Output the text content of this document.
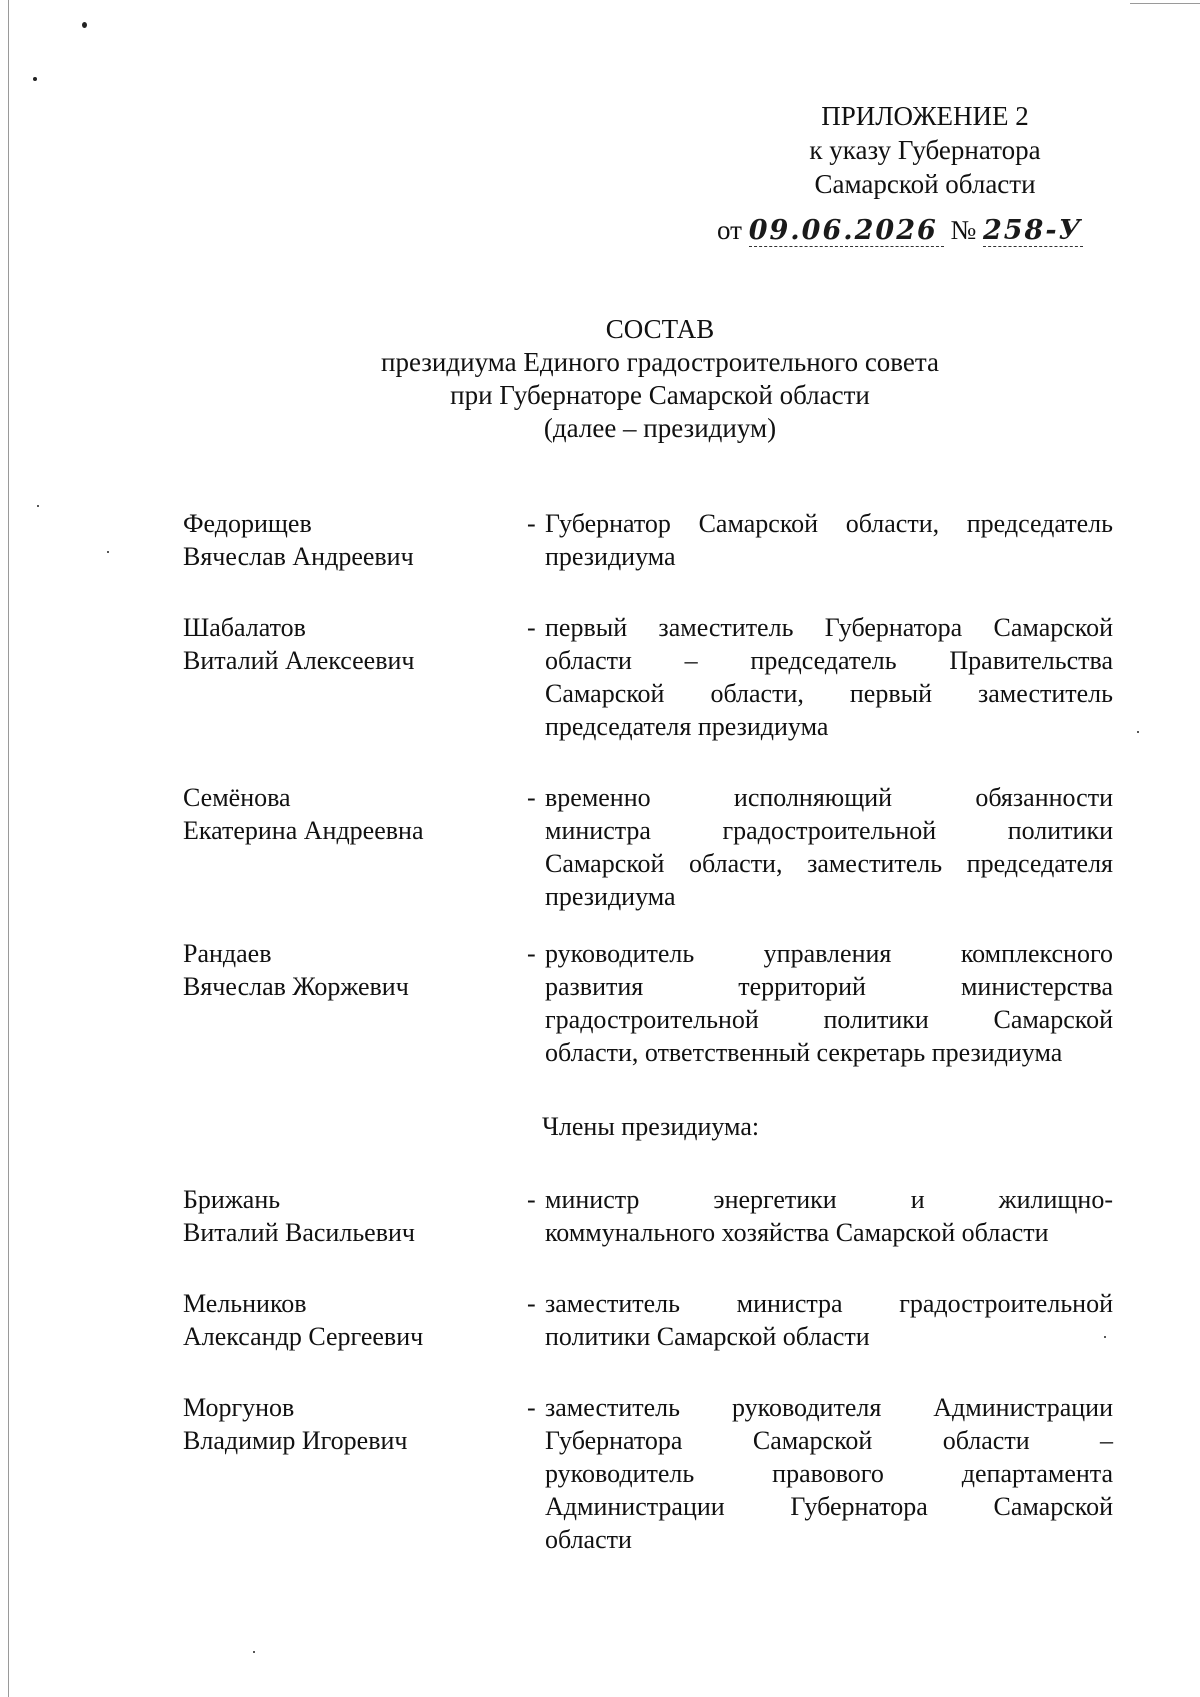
ПРИЛОЖЕНИЕ 2
к указу Губернатора
Самарской области
от 09.06.2026 № 258-У
СОСТАВ
президиума Единого градостроительного совета
при Губернаторе Самарской области
(далее – президиум)
Федорищев
Вячеслав Андреевич
- Губернатор Самарской области, председатель
президиума
Шабалатов
Виталий Алексеевич
- первый заместитель Губернатора Самарской
области – председатель Правительства
Самарской области, первый заместитель
председателя президиума
Семёнова
Екатерина Андреевна
- временно исполняющий обязанности
министра градостроительной политики
Самарской области, заместитель председателя
президиума
Рандаев
Вячеслав Жоржевич
- руководитель управления комплексного
развития территорий министерства
градостроительной политики Самарской
области, ответственный секретарь президиума
Члены президиума:
Брижань
Виталий Васильевич
- министр энергетики и жилищно-
коммунального хозяйства Самарской области
Мельников
Александр Сергеевич
- заместитель министра градостроительной
политики Самарской области
Моргунов
Владимир Игоревич
- заместитель руководителя Администрации
Губернатора Самарской области –
руководитель правового департамента
Администрации Губернатора Самарской
области
